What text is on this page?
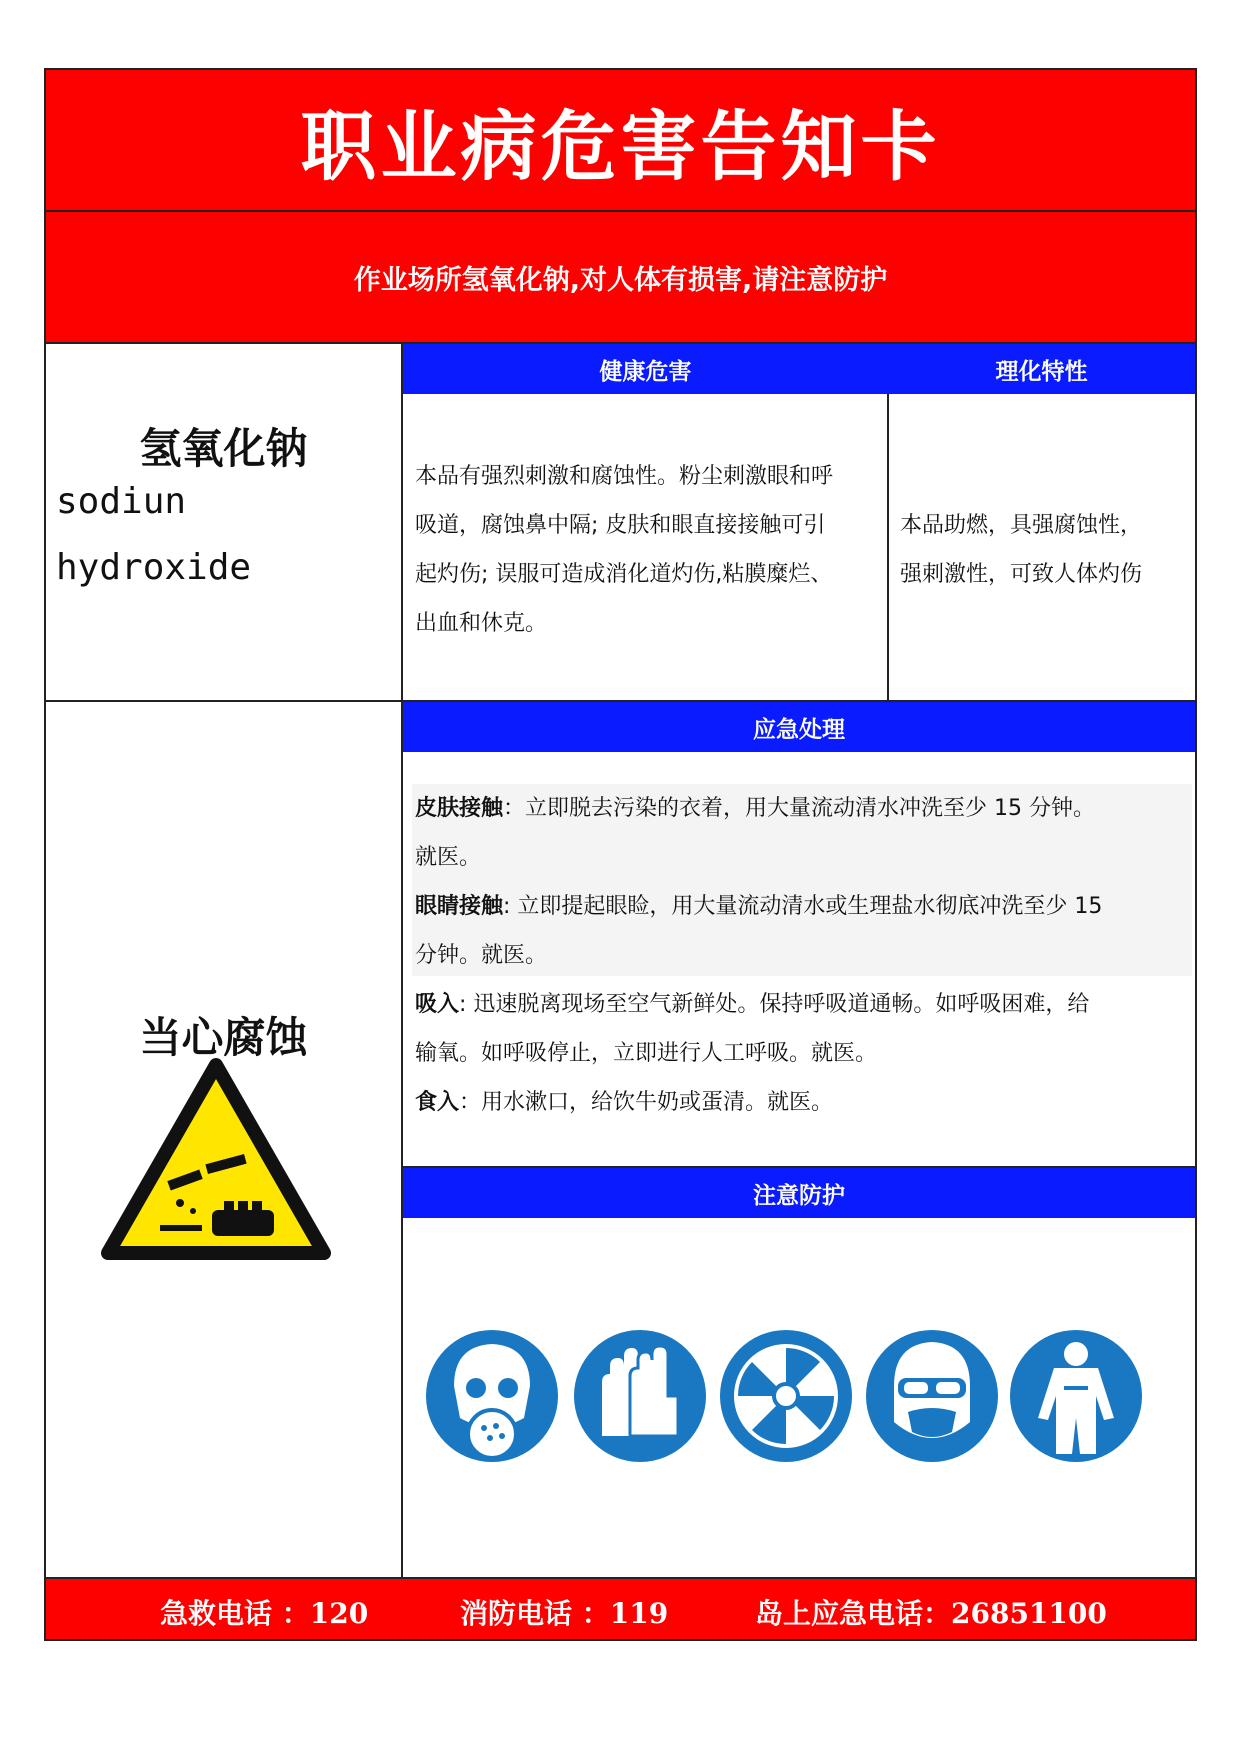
职业病危害告知卡
作业场所氢氧化钠,对人体有损害,请注意防护
氢氧化钠
sodiun
hydroxide
健康危害	理化特性
本品有强烈刺激和腐蚀性。粉尘刺激眼和呼
吸道，腐蚀鼻中隔; 皮肤和眼直接接触可引
起灼伤; 误服可造成消化道灼伤,粘膜糜烂、
出血和休克。
本品助燃，具强腐蚀性，
强刺激性，可致人体灼伤
当心腐蚀
应急处理
皮肤接触：立即脱去污染的衣着，用大量流动清水冲洗至少 15 分钟。
就医。
眼睛接触: 立即提起眼睑，用大量流动清水或生理盐水彻底冲洗至少 15
分钟。就医。
吸入: 迅速脱离现场至空气新鲜处。保持呼吸道通畅。如呼吸困难，给
输氧。如呼吸停止，立即进行人工呼吸。就医。
食入：用水漱口，给饮牛奶或蛋清。就医。
注意防护
急救电话 ：120	消防电话 ：119	岛上应急电话：26851100
